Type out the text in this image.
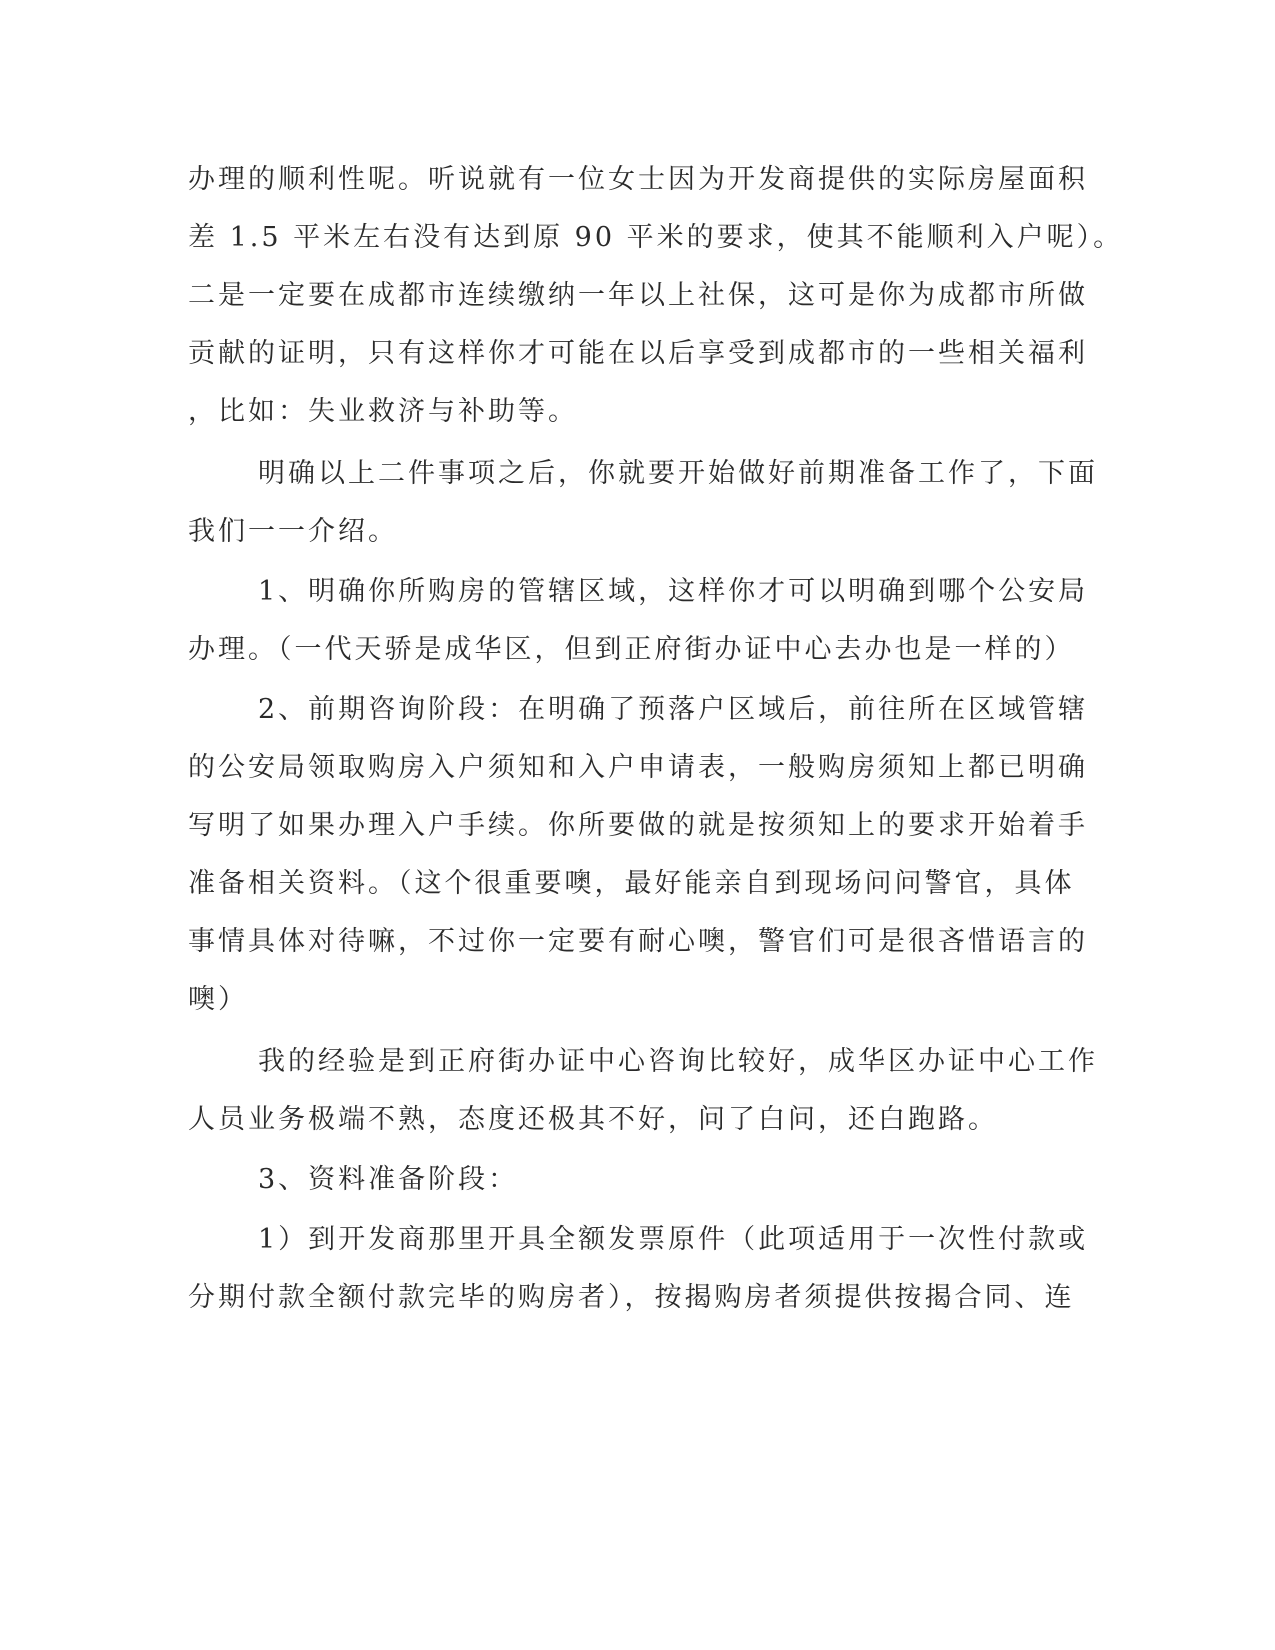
办理的顺利性呢。听说就有一位女士因为开发商提供的实际房屋面积
差 1.5 平米左右没有达到原 90 平米的要求，使其不能顺利入户呢）。
二是一定要在成都市连续缴纳一年以上社保，这可是你为成都市所做
贡献的证明，只有这样你才可能在以后享受到成都市的一些相关福利
，比如：失业救济与补助等。
明确以上二件事项之后，你就要开始做好前期准备工作了，下面
我们一一介绍。
1、明确你所购房的管辖区域，这样你才可以明确到哪个公安局
办理。（一代天骄是成华区，但到正府街办证中心去办也是一样的）
2、前期咨询阶段：在明确了预落户区域后，前往所在区域管辖
的公安局领取购房入户须知和入户申请表，一般购房须知上都已明确
写明了如果办理入户手续。你所要做的就是按须知上的要求开始着手
准备相关资料。（这个很重要噢，最好能亲自到现场问问警官，具体
事情具体对待嘛，不过你一定要有耐心噢，警官们可是很吝惜语言的
噢）
我的经验是到正府街办证中心咨询比较好，成华区办证中心工作
人员业务极端不熟，态度还极其不好，问了白问，还白跑路。
3、资料准备阶段：
1）到开发商那里开具全额发票原件（此项适用于一次性付款或
分期付款全额付款完毕的购房者），按揭购房者须提供按揭合同、连
